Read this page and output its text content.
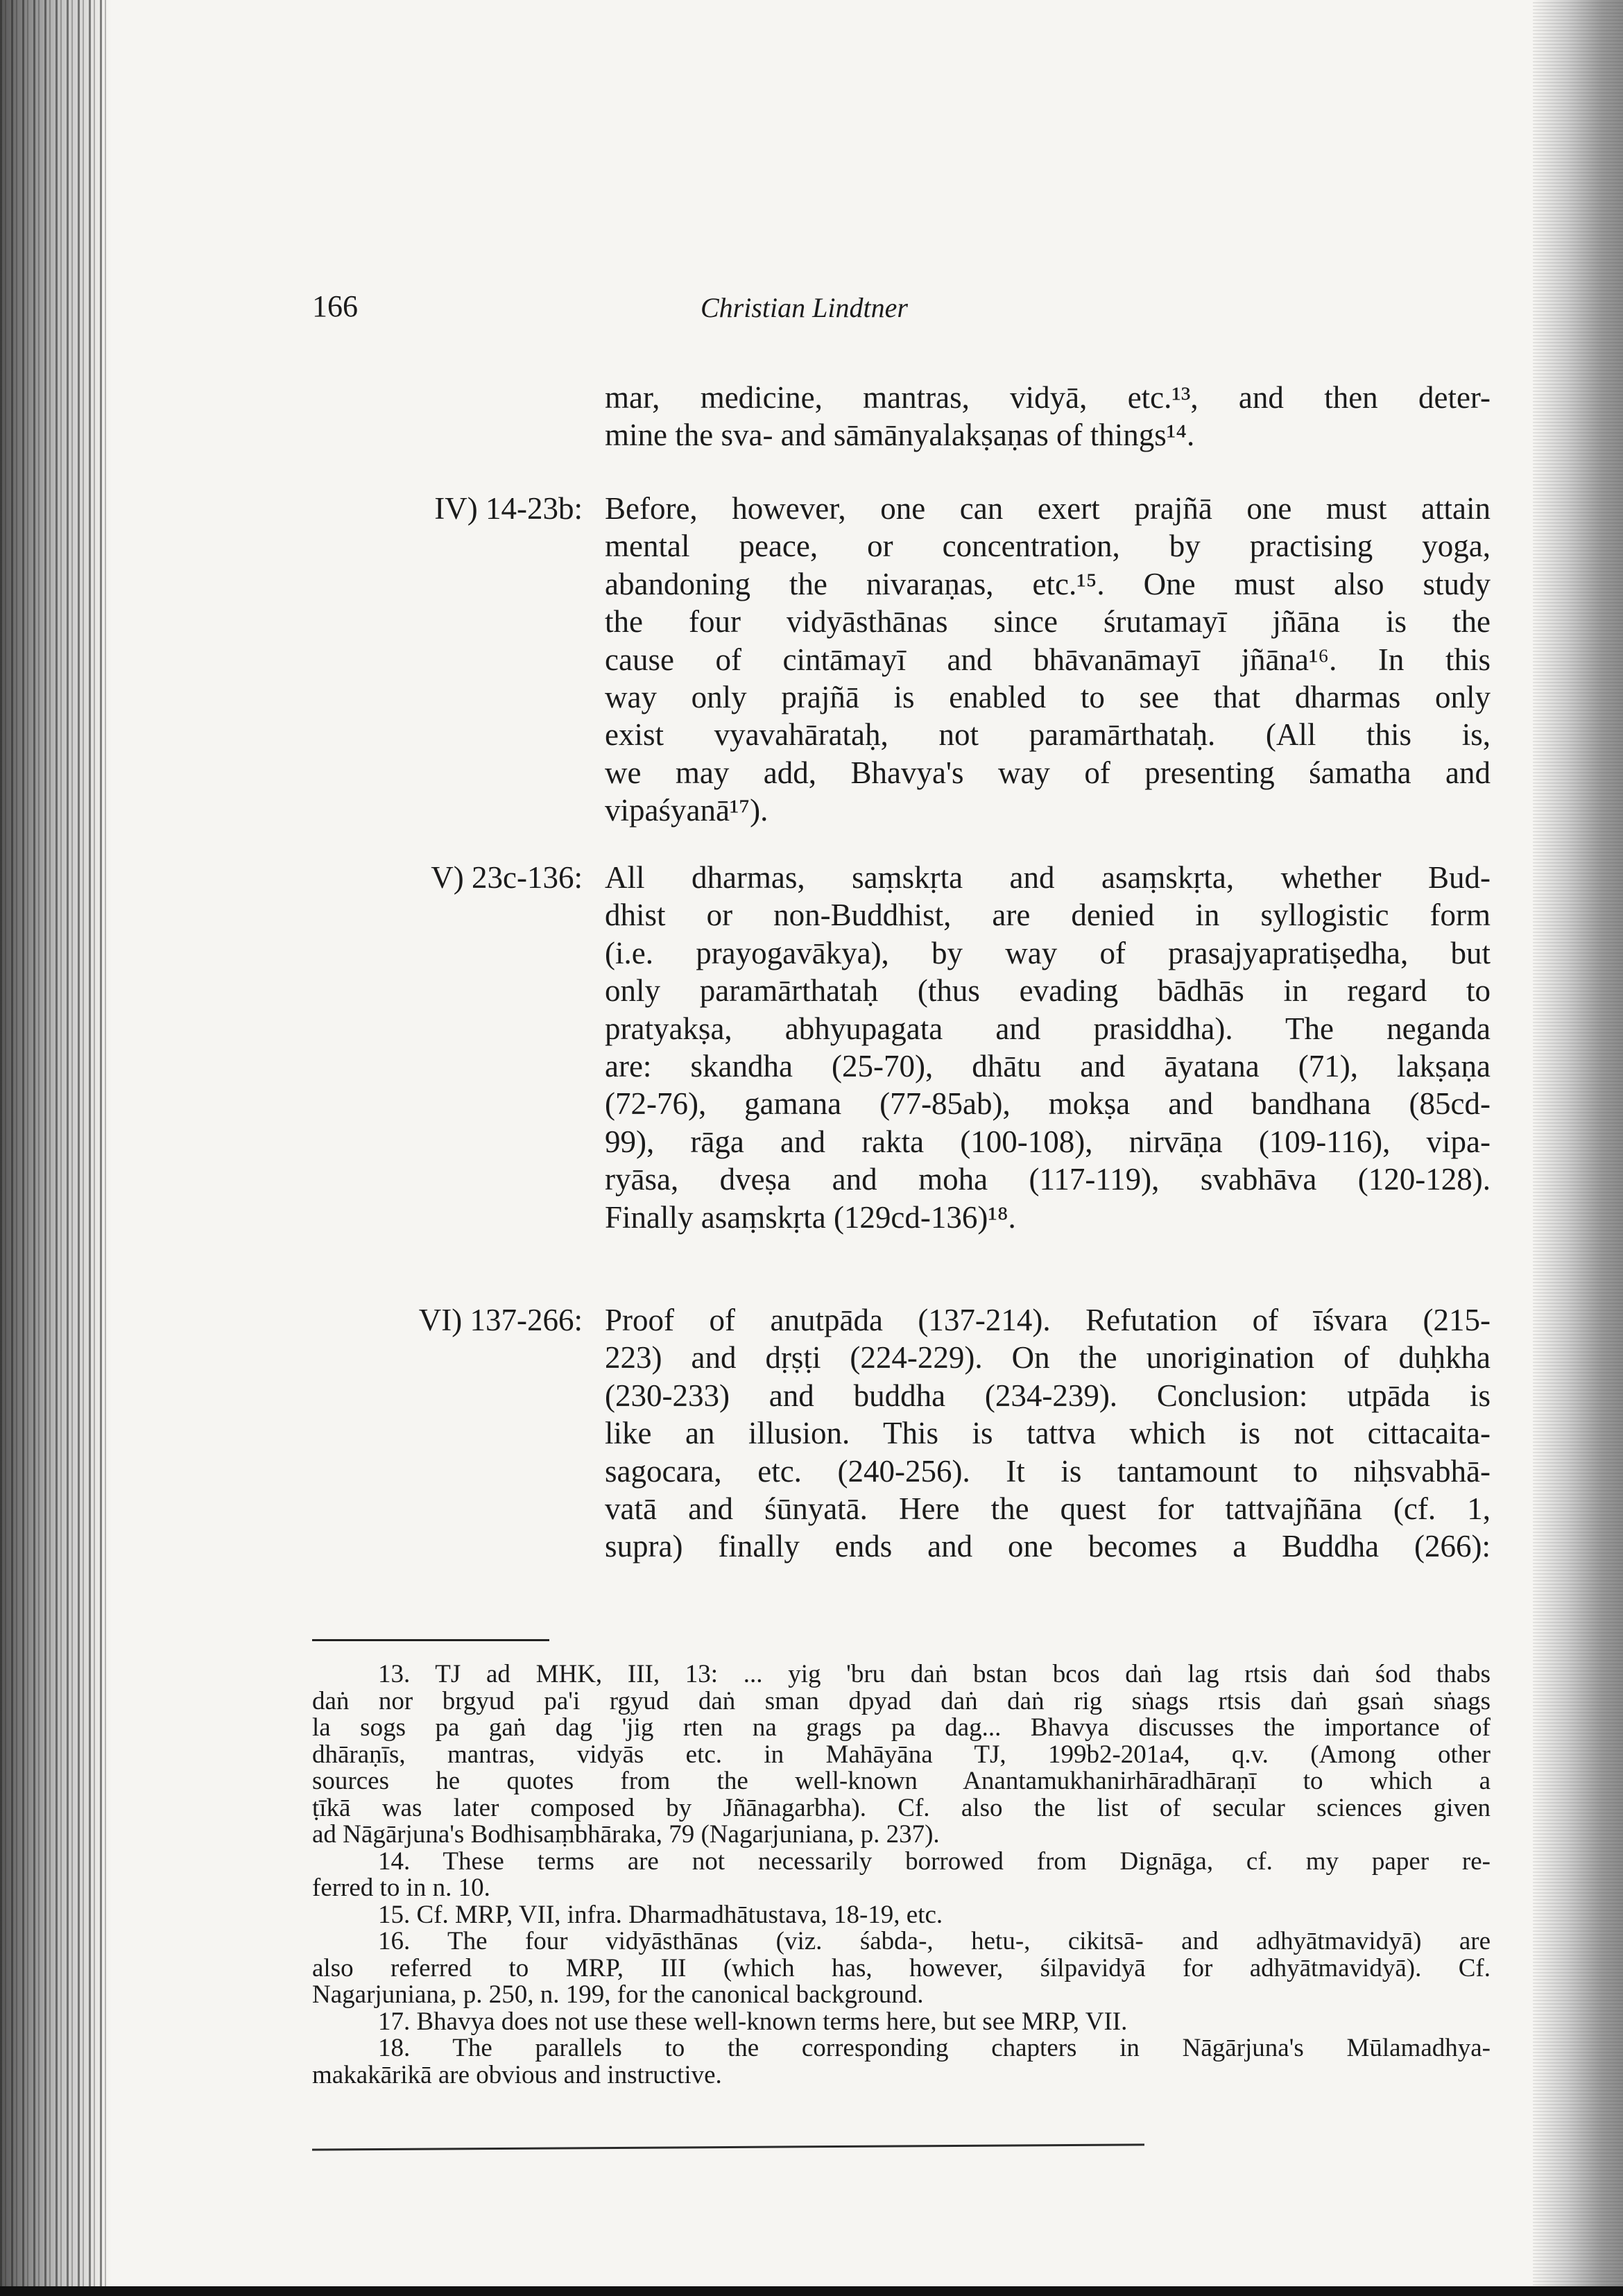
166	Christian Lindtner
mar, medicine, mantras, vidyā, etc.¹³, and then deter-
mine the sva- and sāmānyalakṣaṇas of things¹⁴.
IV) 14-23b: Before, however, one can exert prajñā one must attain
mental peace, or concentration, by practising yoga,
abandoning the nivaraṇas, etc.¹⁵. One must also study
the four vidyāsthānas since śrutamayī jñāna is the
cause of cintāmayī and bhāvanāmayī jñāna¹⁶. In this
way only prajñā is enabled to see that dharmas only
exist vyavahārataḥ, not paramārthataḥ. (All this is,
we may add, Bhavya's way of presenting śamatha and
vipaśyanā¹⁷).
V) 23c-136: All dharmas, saṃskṛta and asaṃskṛta, whether Bud-
dhist or non-Buddhist, are denied in syllogistic form
(i.e. prayogavākya), by way of prasajyapratiṣedha, but
only paramārthataḥ (thus evading bādhās in regard to
pratyakṣa, abhyupagata and prasiddha). The neganda
are: skandha (25-70), dhātu and āyatana (71), lakṣaṇa
(72-76), gamana (77-85ab), mokṣa and bandhana (85cd-
99), rāga and rakta (100-108), nirvāṇa (109-116), vipa-
ryāsa, dveṣa and moha (117-119), svabhāva (120-128).
Finally asaṃskṛta (129cd-136)¹⁸.
VI) 137-266: Proof of anutpāda (137-214). Refutation of īśvara (215-
223) and dṛṣṭi (224-229). On the unorigination of duḥkha
(230-233) and buddha (234-239). Conclusion: utpāda is
like an illusion. This is tattva which is not cittacaita-
sagocara, etc. (240-256). It is tantamount to niḥsvabhā-
vatā and śūnyatā. Here the quest for tattvajñāna (cf. 1,
supra) finally ends and one becomes a Buddha (266):

13. TJ ad MHK, III, 13: ... yig 'bru daṅ bstan bcos daṅ lag rtsis daṅ śod thabs
daṅ nor brgyud pa'i rgyud daṅ sman dpyad daṅ daṅ rig sṅags rtsis daṅ gsaṅ sṅags
la sogs pa gaṅ dag 'jig rten na grags pa dag... Bhavya discusses the importance of
dhāraṇīs, mantras, vidyās etc. in Mahāyāna TJ, 199b2-201a4, q.v. (Among other
sources he quotes from the well-known Anantamukhanirhāradhāraṇī to which a
ṭīkā was later composed by Jñānagarbha). Cf. also the list of secular sciences given
ad Nāgārjuna's Bodhisaṃbhāraka, 79 (Nagarjuniana, p. 237).

14. These terms are not necessarily borrowed from Dignāga, cf. my paper re-
ferred to in n. 10.

15. Cf. MRP, VII, infra. Dharmadhātustava, 18-19, etc.

16. The four vidyāsthānas (viz. śabda-, hetu-, cikitsā- and adhyātmavidyā) are
also referred to MRP, III (which has, however, śilpavidyā for adhyātmavidyā). Cf.
Nagarjuniana, p. 250, n. 199, for the canonical background.

17. Bhavya does not use these well-known terms here, but see MRP, VII.

18. The parallels to the corresponding chapters in Nāgārjuna's Mūlamadhya-
makakārikā are obvious and instructive.
